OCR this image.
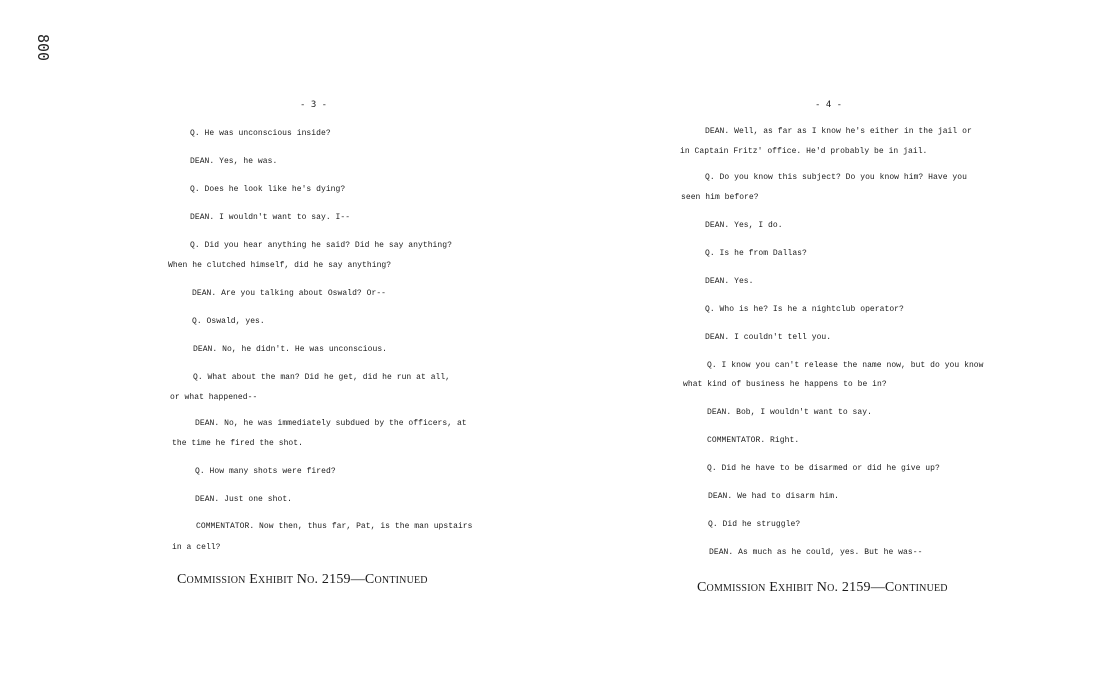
800
- 3 -
Q. He was unconscious inside?
DEAN. Yes, he was.
Q. Does he look like he's dying?
DEAN. I wouldn't want to say. I--
Q. Did you hear anything he said? Did he say anything?
When he clutched himself, did he say anything?
DEAN. Are you talking about Oswald? Or--
Q. Oswald, yes.
DEAN. No, he didn't. He was unconscious.
Q. What about the man? Did he get, did he run at all,
or what happened--
DEAN. No, he was immediately subdued by the officers, at
the time he fired the shot.
Q. How many shots were fired?
DEAN. Just one shot.
COMMENTATOR. Now then, thus far, Pat, is the man upstairs
in a cell?
Commission Exhibit No. 2159—Continued
- 4 -
DEAN. Well, as far as I know he's either in the jail or
in Captain Fritz' office. He'd probably be in jail.
Q. Do you know this subject? Do you know him? Have you
seen him before?
DEAN. Yes, I do.
Q. Is he from Dallas?
DEAN. Yes.
Q. Who is he? Is he a nightclub operator?
DEAN. I couldn't tell you.
Q. I know you can't release the name now, but do you know
what kind of business he happens to be in?
DEAN. Bob, I wouldn't want to say.
COMMENTATOR. Right.
Q. Did he have to be disarmed or did he give up?
DEAN. We had to disarm him.
Q. Did he struggle?
DEAN. As much as he could, yes. But he was--
Commission Exhibit No. 2159—Continued
